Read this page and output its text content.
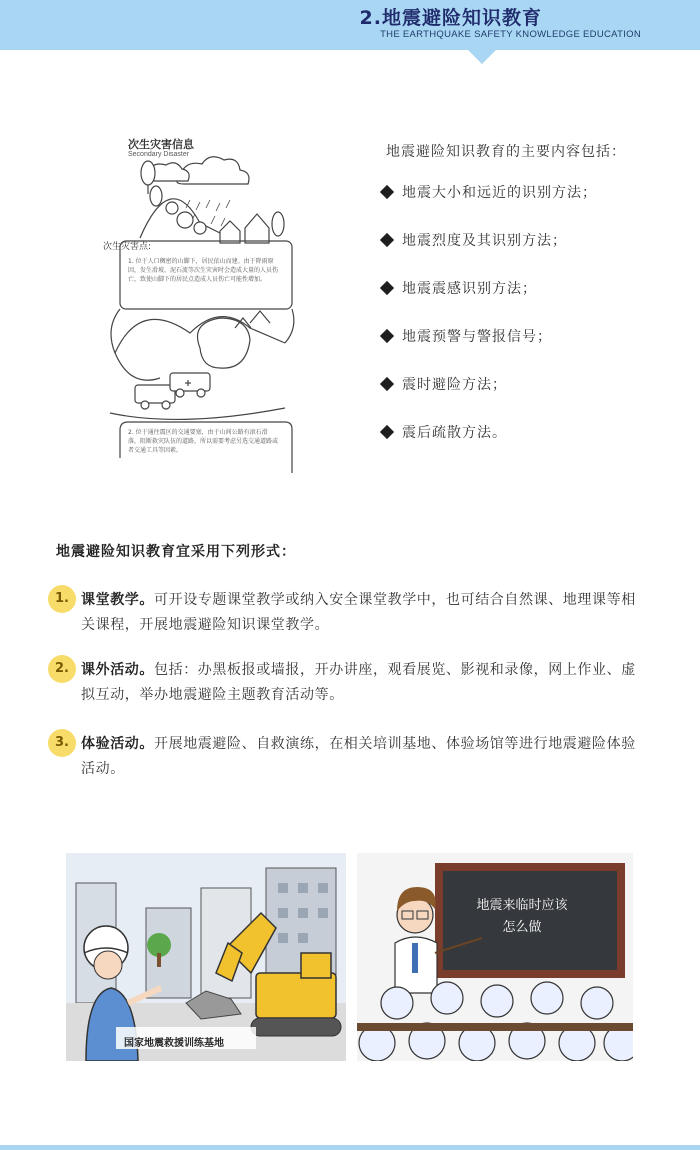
2.地震避险知识教育
THE EARTHQUAKE SAFETY KNOWLEDGE EDUCATION
次生灾害信息
Secondary Disaster
次生灾害点:
1. 位于人口稠密的山脚下，居民依山而建。由于降雨原因，发生滑坡、泥石流等次生灾害时会造成大量的人员伤亡，致使山脚下的居民点造成人员伤亡可能性增加。
2. 位于通往震区的交通要塞，由于山间公路有滚石滑落，阻断救灾队伍的道路，所以需要考虑另选交通道路或者交通工具等因素。
地震避险知识教育的主要内容包括：
地震大小和远近的识别方法；
地震烈度及其识别方法；
地震震感识别方法；
地震预警与警报信号；
震时避险方法；
震后疏散方法。
地震避险知识教育宜采用下列形式：
1. 课堂教学。可开设专题课堂教学或纳入安全课堂教学中，也可结合自然课、地理课等相关课程，开展地震避险知识课堂教学。
2. 课外活动。包括：办黑板报或墙报，开办讲座，观看展览、影视和录像，网上作业、虚拟互动，举办地震避险主题教育活动等。
3. 体验活动。开展地震避险、自救演练，在相关培训基地、体验场馆等进行地震避险体验活动。
国家地震救援训练基地
地震来临时应该
怎么做
